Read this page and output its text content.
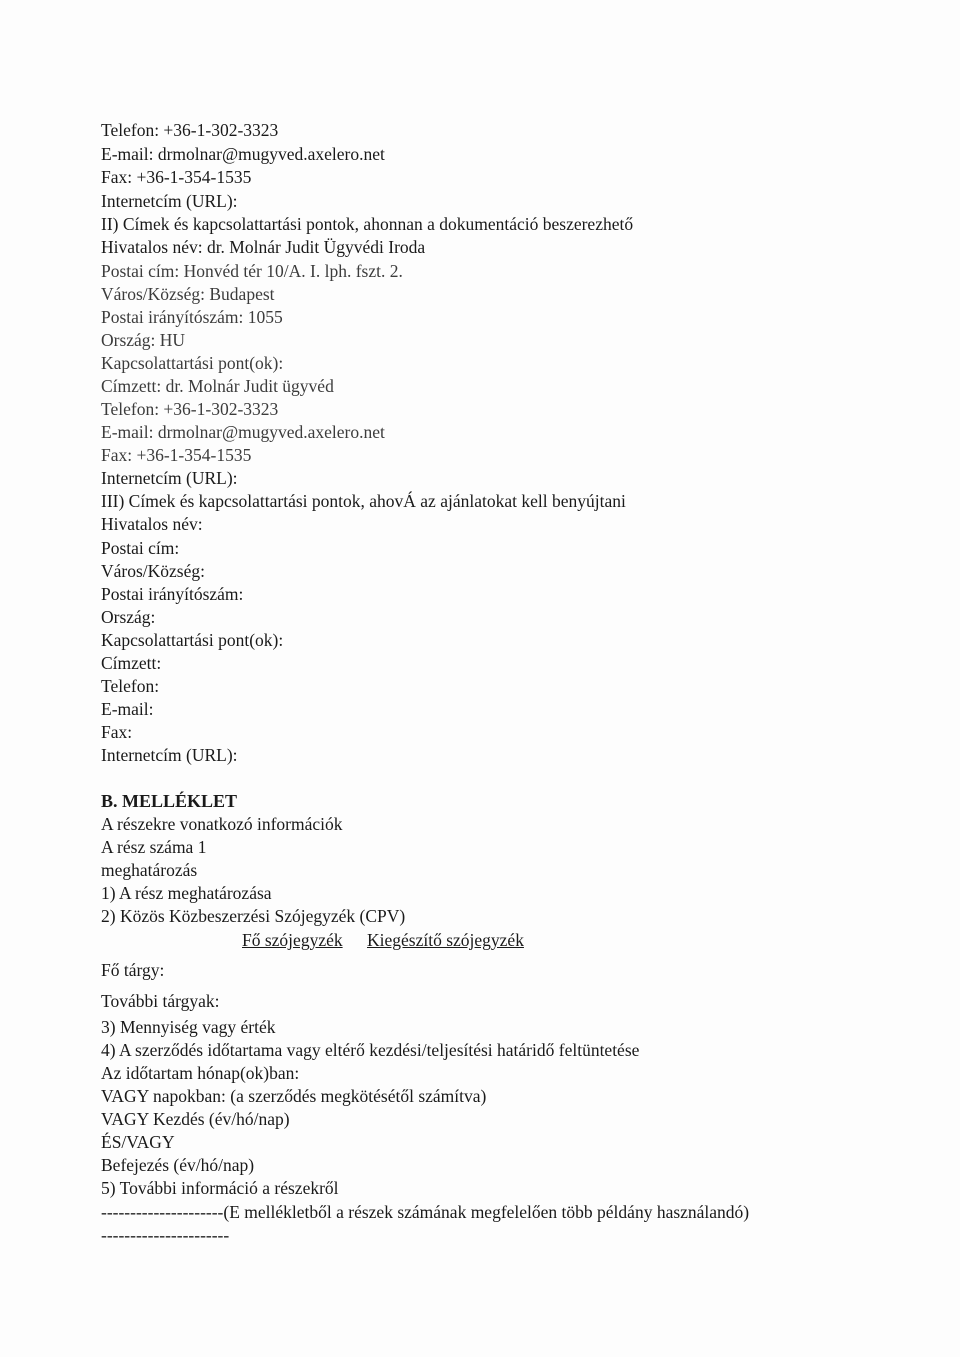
Telefon: +36-1-302-3323
E-mail: drmolnar@mugyved.axelero.net
Fax: +36-1-354-1535
Internetcím (URL):
II) Címek és kapcsolattartási pontok, ahonnan a dokumentáció beszerezhető
Hivatalos név: dr. Molnár Judit Ügyvédi Iroda
Postai cím: Honvéd tér 10/A. I. lph. fszt. 2.
Város/Község: Budapest
Postai irányítószám: 1055
Ország: HU
Kapcsolattartási pont(ok):
Címzett: dr. Molnár Judit ügyvéd
Telefon: +36-1-302-3323
E-mail: drmolnar@mugyved.axelero.net
Fax: +36-1-354-1535
Internetcím (URL):
III) Címek és kapcsolattartási pontok, ahovÁ az ajánlatokat kell benyújtani
Hivatalos név:
Postai cím:
Város/Község:
Postai irányítószám:
Ország:
Kapcsolattartási pont(ok):
Címzett:
Telefon:
E-mail:
Fax:
Internetcím (URL):
B. MELLÉKLET
A részekre vonatkozó információk
A rész száma 1
meghatározás
1) A rész meghatározása
2) Közös Közbeszerzési Szójegyzék (CPV)
Fő szójegyzék Kiegészítő szójegyzék
Fő tárgy:
További tárgyak:
3) Mennyiség vagy érték
4) A szerződés időtartama vagy eltérő kezdési/teljesítési határidő feltüntetése
Az időtartam hónap(ok)ban:
VAGY napokban: (a szerződés megkötésétől számítva)
VAGY Kezdés (év/hó/nap)
ÉS/VAGY
Befejezés (év/hó/nap)
5) További információ a részekről
---------------------(E mellékletből a részek számának megfelelően több példány használandó)
----------------------
